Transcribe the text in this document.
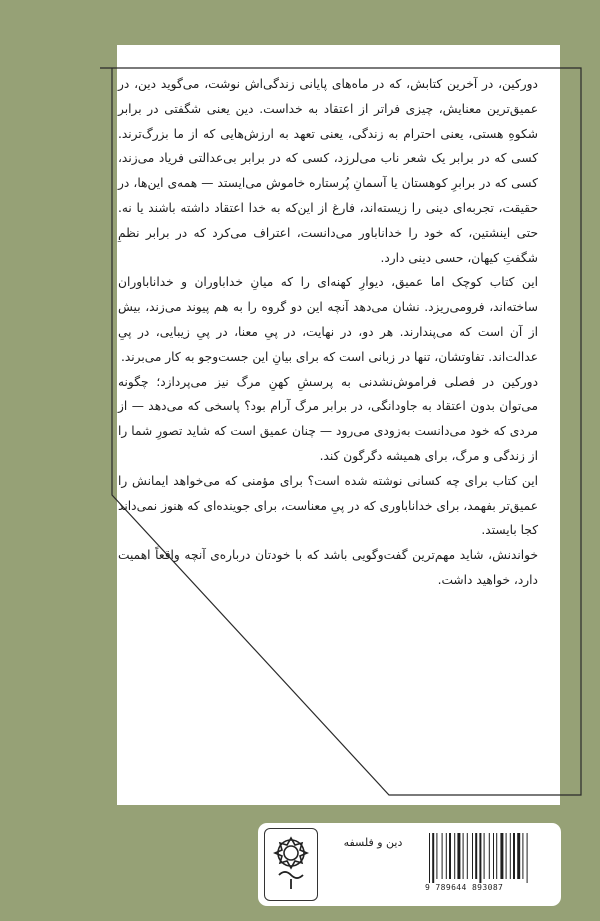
دورکین، در آخرین کتابش، که در ماه‌های پایانی زندگی‌اش نوشت، می‌گوید دین، در عمیق‌ترین معنایش، چیزی فراتر از اعتقاد به خداست. دین یعنی شگفتی در برابر شکوهِ هستی، یعنی احترام به زندگی، یعنی تعهد به ارزش‌هایی که از ما بزرگ‌ترند. کسی که در برابر یک شعر ناب می‌لرزد، کسی که در برابر بی‌عدالتی فریاد می‌زند، کسی که در برابرِ کوهستان یا آسمانِ پُرستاره خاموش می‌ایستد — همه‌ی این‌ها، در حقیقت، تجربه‌ای دینی را زیسته‌اند، فارغ از این‌که به خدا اعتقاد داشته باشند یا نه. حتی اینشتین، که خود را خداناباور می‌دانست، اعتراف می‌کرد که در برابر نظمِ شگفتِ کیهان، حسی دینی دارد.

این کتاب کوچک اما عمیق، دیوارِ کهنه‌ای را که میانِ خداباوران و خداناباوران ساخته‌اند، فرومی‌ریزد. نشان می‌دهد آنچه این دو گروه را به هم پیوند می‌زند، بیش از آن است که می‌پندارند. هر دو، در نهایت، در پیِ معنا، در پیِ زیبایی، در پیِ عدالت‌اند. تفاوتشان، تنها در زبانی است که برای بیانِ این جست‌وجو به کار می‌برند.

دورکین در فصلی فراموش‌نشدنی به پرسشِ کهنِ مرگ نیز می‌پردازد؛ چگونه می‌توان بدون اعتقاد به جاودانگی، در برابر مرگ آرام بود؟ پاسخی که می‌دهد — از مردی که خود می‌دانست به‌زودی می‌رود — چنان عمیق است که شاید تصورِ شما را از زندگی و مرگ، برای همیشه دگرگون کند.

این کتاب برای چه کسانی نوشته شده است؟ برای مؤمنی که می‌خواهد ایمانش را عمیق‌تر بفهمد، برای خداناباوری که در پیِ معناست، برای جوینده‌ای که هنوز نمی‌داند کجا بایستد.

خواندنش، شاید مهم‌ترین گفت‌وگویی باشد که با خودتان درباره‌ی آنچه واقعاً اهمیت دارد، خواهید داشت.

دین و فلسفه
9 789644 893087
